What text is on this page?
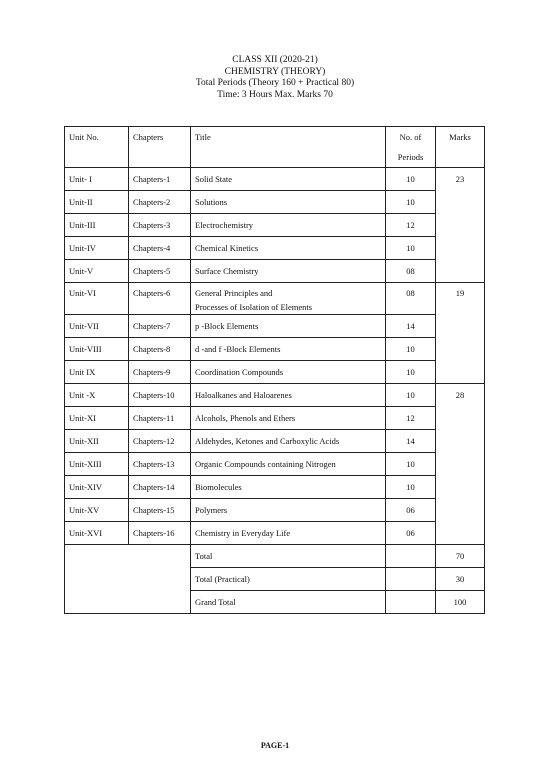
CLASS XII (2020-21)
CHEMISTRY (THEORY)
Total Periods (Theory 160 + Practical 80)
Time: 3 Hours Max. Marks 70
Unit No.	Chapters	Title	No. of
Periods	Marks
Unit- I	Chapters-1	Solid State	10	23
Unit-II	Chapters-2	Solutions	10	
Unit-III	Chapters-3	Electrochemistry	12	
Unit-IV	Chapters-4	Chemical Kinetics	10	
Unit-V	Chapters-5	Surface Chemistry	08	
Unit-VI	Chapters-6	General Principles and
Processes of Isolation of Elements	08	19
Unit-VII	Chapters-7	p -Block Elements	14	
Unit-VIII	Chapters-8	d -and f -Block Elements	10	
Unit IX	Chapters-9	Coordination Compounds	10	
Unit -X	Chapters-10	Haloalkanes and Haloarenes	10	28
Unit-XI	Chapters-11	Alcohols, Phenols and Ethers	12	
Unit-XII	Chapters-12	Aldehydes, Ketones and Carboxylic Acids	14	
Unit-XIII	Chapters-13	Organic Compounds containing Nitrogen	10	
Unit-XIV	Chapters-14	Biomolecules	10	
Unit-XV	Chapters-15	Polymers	06	
Unit-XVI	Chapters-16	Chemistry in Everyday Life	06	
		Total		70
		Total (Practical)		30
		Grand Total		100
PAGE-1
